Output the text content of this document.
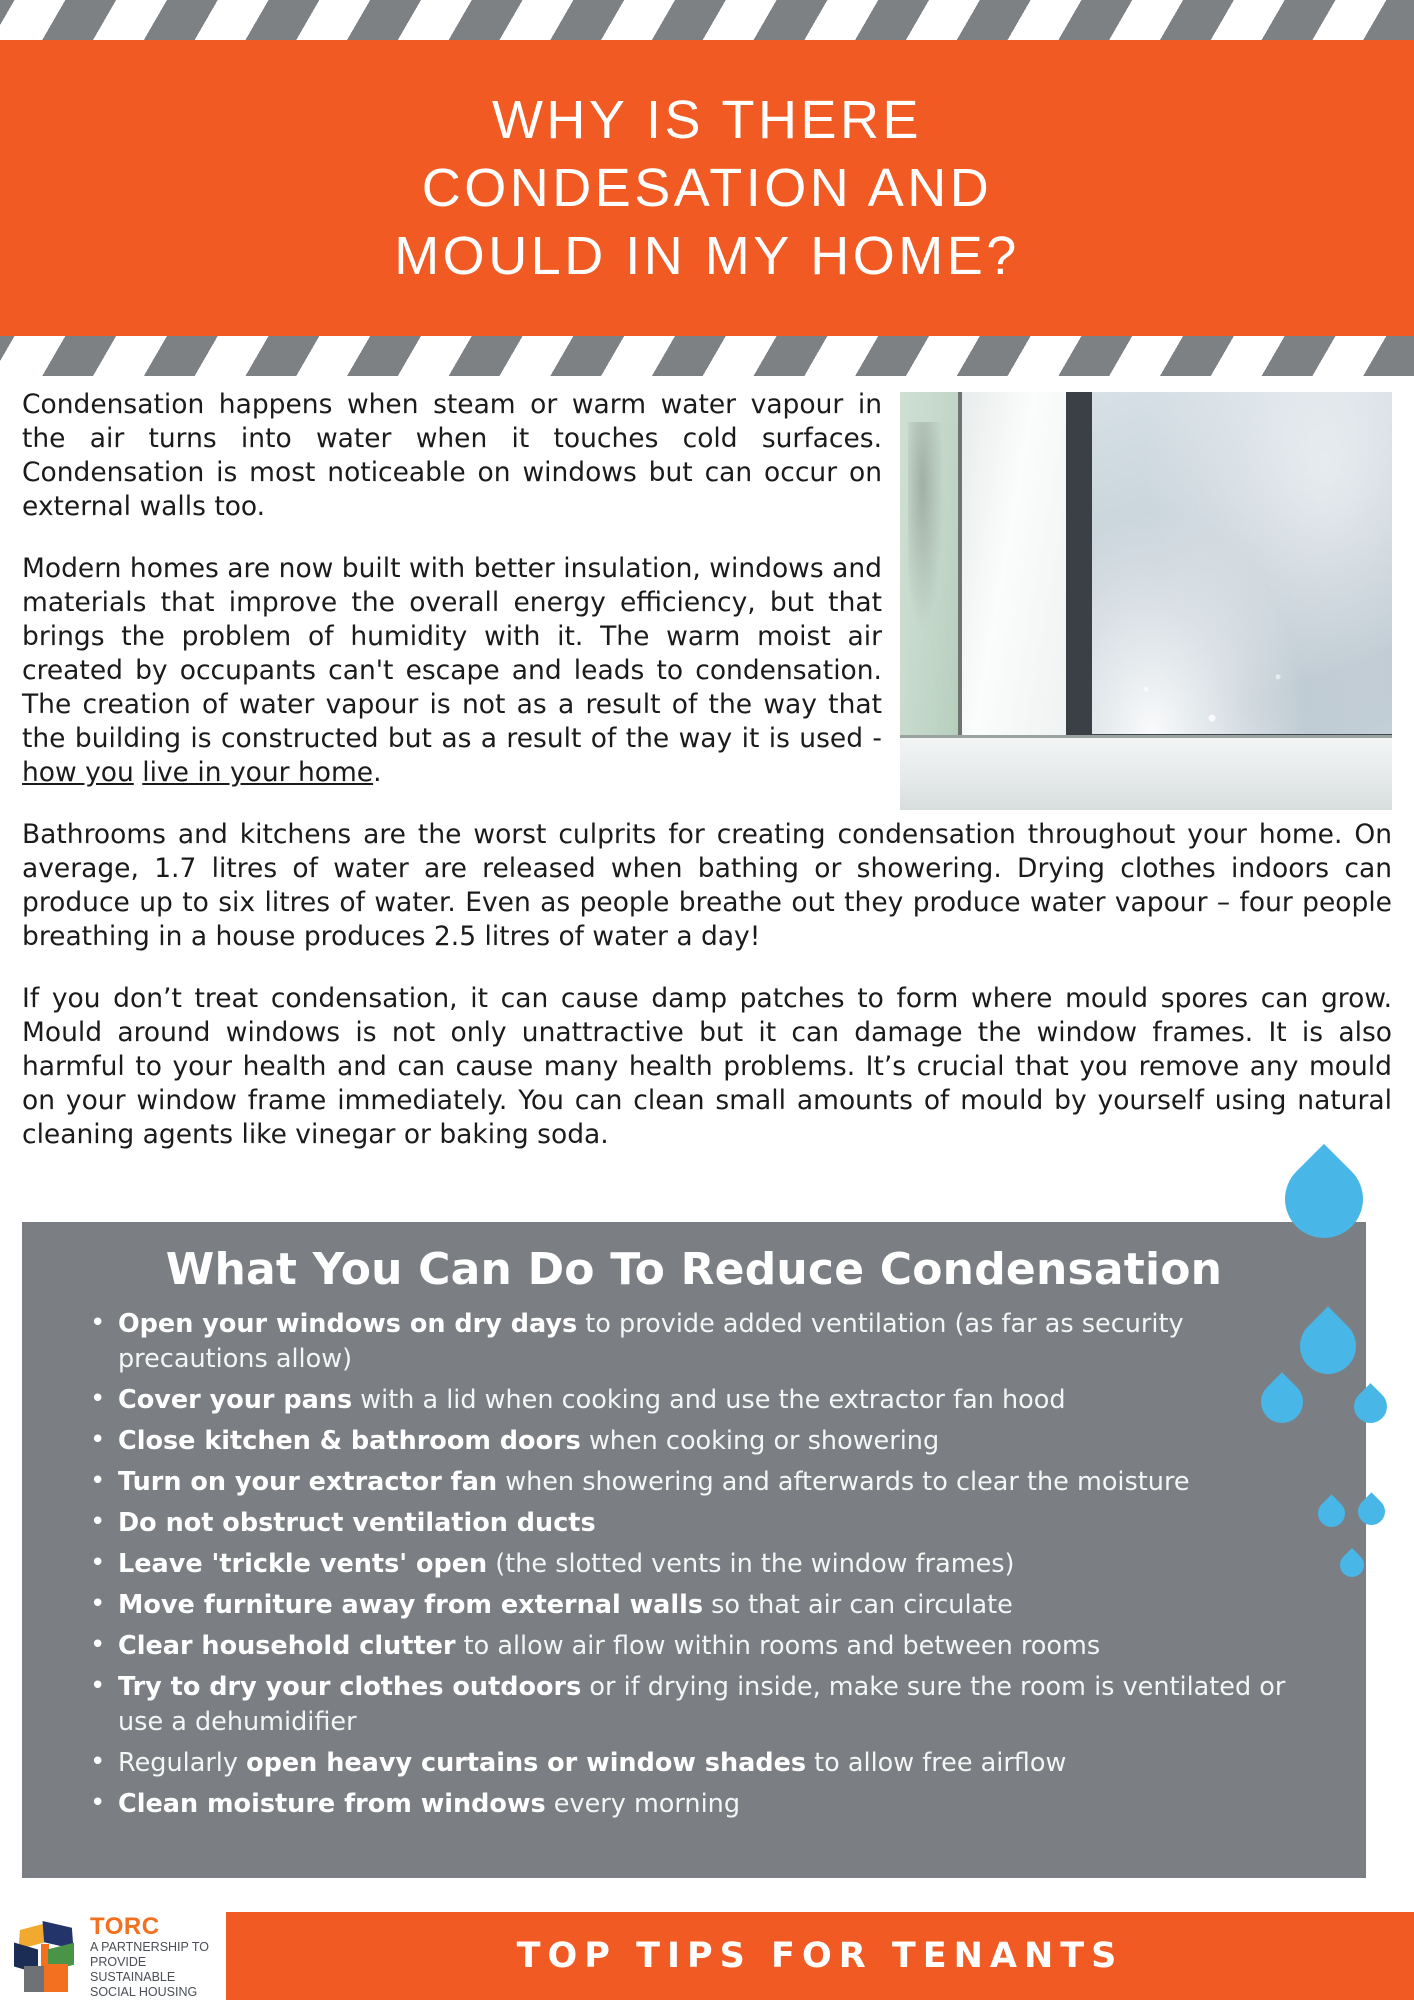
WHY IS THERE
CONDESATION AND
MOULD IN MY HOME?

Condensation happens when steam or warm water vapour in the air turns into water when it touches cold surfaces. Condensation is most noticeable on windows but can occur on external walls too.

Modern homes are now built with better insulation, windows and materials that improve the overall energy efficiency, but that brings the problem of humidity with it. The warm moist air created by occupants can't escape and leads to condensation. The creation of water vapour is not as a result of the way that the building is constructed but as a result of the way it is used - how you live in your home.

Bathrooms and kitchens are the worst culprits for creating condensation throughout your home. On average, 1.7 litres of water are released when bathing or showering. Drying clothes indoors can produce up to six litres of water. Even as people breathe out they produce water vapour – four people breathing in a house produces 2.5 litres of water a day!

If you don’t treat condensation, it can cause damp patches to form where mould spores can grow. Mould around windows is not only unattractive but it can damage the window frames. It is also harmful to your health and can cause many health problems. It’s crucial that you remove any mould on your window frame immediately. You can clean small amounts of mould by yourself using natural cleaning agents like vinegar or baking soda.

What You Can Do To Reduce Condensation
• Open your windows on dry days to provide added ventilation (as far as security precautions allow)
• Cover your pans with a lid when cooking and use the extractor fan hood
• Close kitchen & bathroom doors when cooking or showering
• Turn on your extractor fan when showering and afterwards to clear the moisture
• Do not obstruct ventilation ducts
• Leave 'trickle vents' open (the slotted vents in the window frames)
• Move furniture away from external walls so that air can circulate
• Clear household clutter to allow air flow within rooms and between rooms
• Try to dry your clothes outdoors or if drying inside, make sure the room is ventilated or use a dehumidifier
• Regularly open heavy curtains or window shades to allow free airflow
• Clean moisture from windows every morning
TORC
A PARTNERSHIP TO PROVIDE
SUSTAINABLE SOCIAL HOUSING
TOP TIPS FOR TENANTS
